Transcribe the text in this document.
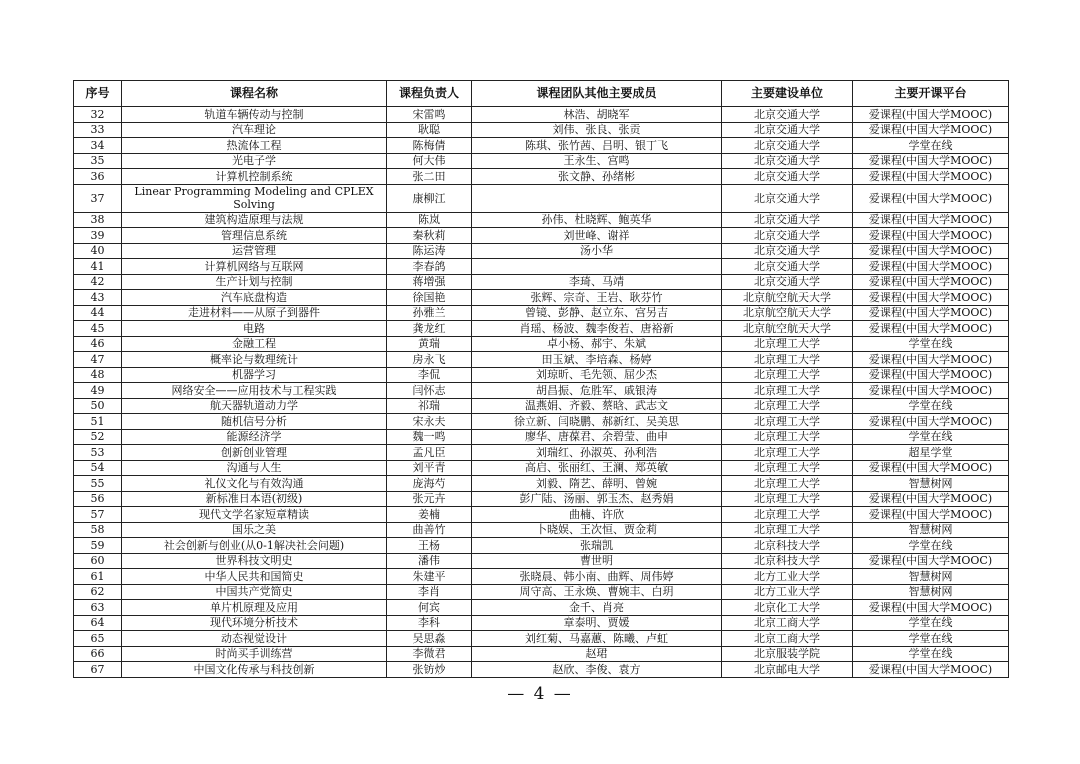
序号	课程名称	课程负责人	课程团队其他主要成员	主要建设单位	主要开课平台
32	轨道车辆传动与控制	宋雷鸣	林浩、胡晓军	北京交通大学	爱课程(中国大学MOOC)
33	汽车理论	耿聪	刘伟、张良、张贡	北京交通大学	爱课程(中国大学MOOC)
34	热流体工程	陈梅倩	陈琪、张竹茜、吕明、银丁飞	北京交通大学	学堂在线
35	光电子学	何大伟	王永生、宫鸣	北京交通大学	爱课程(中国大学MOOC)
36	计算机控制系统	张二田	张文静、孙绪彬	北京交通大学	爱课程(中国大学MOOC)
37	Linear Programming Modeling and CPLEX Solving	康柳江		北京交通大学	爱课程(中国大学MOOC)
38	建筑构造原理与法规	陈岚	孙伟、杜晓辉、鲍英华	北京交通大学	爱课程(中国大学MOOC)
39	管理信息系统	秦秋莉	刘世峰、谢祥	北京交通大学	爱课程(中国大学MOOC)
40	运营管理	陈运涛	汤小华	北京交通大学	爱课程(中国大学MOOC)
41	计算机网络与互联网	李春鸽		北京交通大学	爱课程(中国大学MOOC)
42	生产计划与控制	蒋增强	李琦、马靖	北京交通大学	爱课程(中国大学MOOC)
43	汽车底盘构造	徐国艳	张辉、宗奇、王岩、耿芬竹	北京航空航天大学	爱课程(中国大学MOOC)
44	走进材料——从原子到器件	孙雅兰	曾镜、彭静、赵立东、宫另吉	北京航空航天大学	爱课程(中国大学MOOC)
45	电路	龚龙红	肖瑶、杨波、魏李俊若、唐裕新	北京航空航天大学	爱课程(中国大学MOOC)
46	金融工程	黄瑞	卓小杨、郝宇、朱斌	北京理工大学	学堂在线
47	概率论与数理统计	房永飞	田玉斌、李培森、杨婷	北京理工大学	爱课程(中国大学MOOC)
48	机器学习	李侃	刘琼昕、毛先领、屈少杰	北京理工大学	爱课程(中国大学MOOC)
49	网络安全——应用技术与工程实践	闫怀志	胡昌振、危胜军、戚银涛	北京理工大学	爱课程(中国大学MOOC)
50	航天器轨道动力学	祁瑞	温燕娟、齐毅、蔡晗、武志文	北京理工大学	学堂在线
51	随机信号分析	宋永夫	徐立新、闫晓鹏、郝新红、吴美思	北京理工大学	爱课程(中国大学MOOC)
52	能源经济学	魏一鸣	廖华、唐葆君、余碧莹、曲申	北京理工大学	学堂在线
53	创新创业管理	孟凡臣	刘瑞红、孙淑英、孙利浩	北京理工大学	超星学堂
54	沟通与人生	刘平青	高启、张丽红、王澜、郑英敏	北京理工大学	爱课程(中国大学MOOC)
55	礼仪文化与有效沟通	庞海芍	刘毅、隋艺、薛明、曾婉	北京理工大学	智慧树网
56	新标准日本语(初级)	张元卉	彭广陆、汤丽、郭玉杰、赵秀娟	北京理工大学	爱课程(中国大学MOOC)
57	现代文学名家短章精读	姜楠	曲楠、许欣	北京理工大学	爱课程(中国大学MOOC)
58	国乐之美	曲善竹	卜晓娱、王次恒、贾金莉	北京理工大学	智慧树网
59	社会创新与创业(从0-1解决社会问题)	王杨	张瑞凯	北京科技大学	学堂在线
60	世界科技文明史	潘伟	曹世明	北京科技大学	爱课程(中国大学MOOC)
61	中华人民共和国简史	朱建平	张晓晨、韩小南、曲辉、周伟婷	北方工业大学	智慧树网
62	中国共产党简史	李肖	周守高、王永焕、曹婉丰、白玥	北方工业大学	智慧树网
63	单片机原理及应用	何宾	金千、肖亮	北京化工大学	爱课程(中国大学MOOC)
64	现代环境分析技术	李科	章泰明、贾媛	北京工商大学	学堂在线
65	动态视觉设计	吴思淼	刘红菊、马嘉蕙、陈曦、卢虹	北京工商大学	学堂在线
66	时尚买手训练营	李微君	赵珺	北京服装学院	学堂在线
67	中国文化传承与科技创新	张钫炒	赵欣、李俊、袁方	北京邮电大学	爱课程(中国大学MOOC)
— 4 —
